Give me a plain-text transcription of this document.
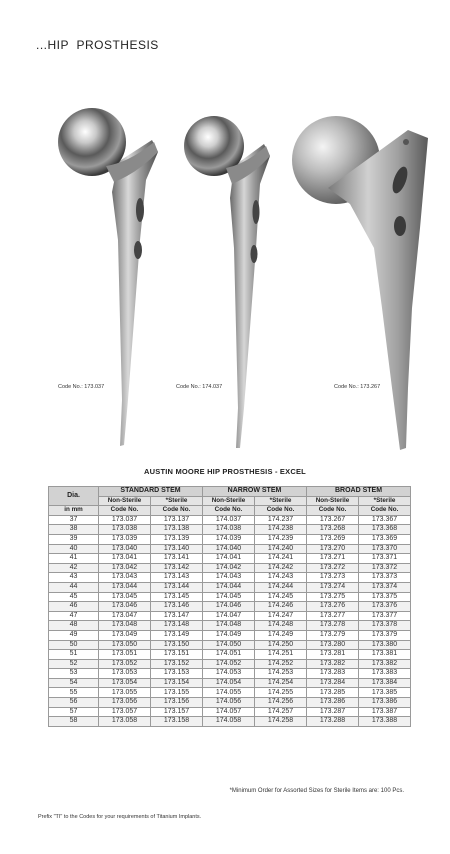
...HIP  PROSTHESIS
Code No.: 173.037	Code No.: 174.037	Code No.: 173.267
AUSTIN MOORE HIP PROSTHESIS - EXCEL
Dia.	STANDARD STEM		NARROW STEM		BROAD STEM	
	Non-Sterile	*Sterile	Non-Sterile	*Sterile	Non-Sterile	*Sterile
in mm	Code No.	Code No.	Code No.	Code No.	Code No.	Code No.
37	173.037	173.137	174.037	174.237	173.267	173.367
38	173.038	173.138	174.038	174.238	173.268	173.368
39	173.039	173.139	174.039	174.239	173.269	173.369
40	173.040	173.140	174.040	174.240	173.270	173.370
41	173.041	173.141	174.041	174.241	173.271	173.371
42	173.042	173.142	174.042	174.242	173.272	173.372
43	173.043	173.143	174.043	174.243	173.273	173.373
44	173.044	173.144	174.044	174.244	173.274	173.374
45	173.045	173.145	174.045	174.245	173.275	173.375
46	173.046	173.146	174.046	174.246	173.276	173.376
47	173.047	173.147	174.047	174.247	173.277	173.377
48	173.048	173.148	174.048	174.248	173.278	173.378
49	173.049	173.149	174.049	174.249	173.279	173.379
50	173.050	173.150	174.050	174.250	173.280	173.380
51	173.051	173.151	174.051	174.251	173.281	173.381
52	173.052	173.152	174.052	174.252	173.282	173.382
53	173.053	173.153	174.053	174.253	173.283	173.383
54	173.054	173.154	174.054	174.254	173.284	173.384
55	173.055	173.155	174.055	174.255	173.285	173.385
56	173.056	173.156	174.056	174.256	173.286	173.386
57	173.057	173.157	174.057	174.257	173.287	173.387
58	173.058	173.158	174.058	174.258	173.288	173.388
*Minimum Order for Assorted Sizes for Sterile Items are: 100 Pcs.
Prefix "TI" to the Codes for your requirements of Titanium Implants.
